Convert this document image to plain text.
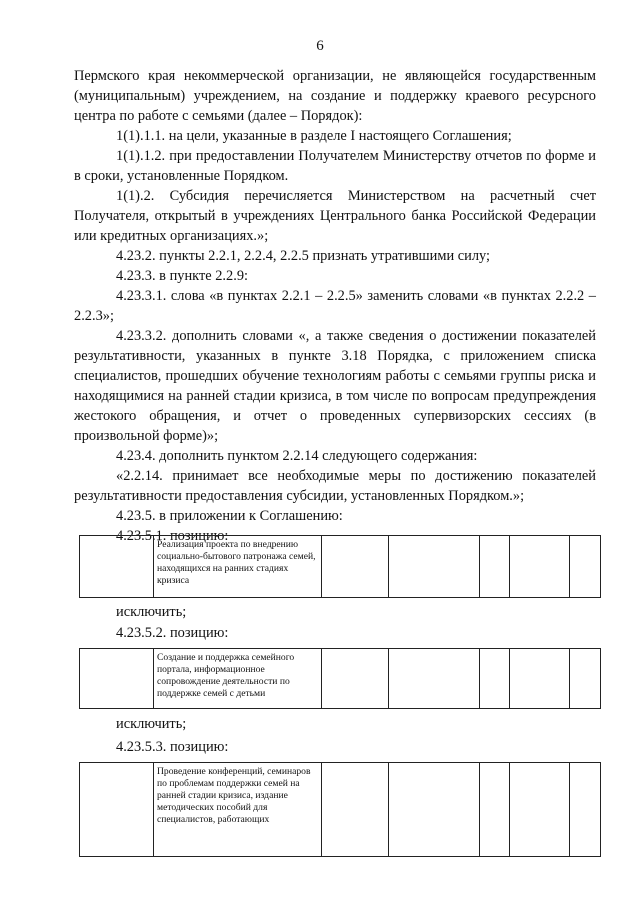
6

Пермского края некоммерческой организации, не являющейся государственным (муниципальным) учреждением, на создание и поддержку краевого ресурсного центра по работе с семьями (далее – Порядок):

1(1).1.1. на цели, указанные в разделе I настоящего Соглашения;

1(1).1.2. при предоставлении Получателем Министерству отчетов по форме и в сроки, установленные Порядком.

1(1).2. Субсидия перечисляется Министерством на расчетный счет Получателя, открытый в учреждениях Центрального банка Российской Федерации или кредитных организациях.»;

4.23.2. пункты 2.2.1, 2.2.4, 2.2.5 признать утратившими силу;

4.23.3. в пункте 2.2.9:

4.23.3.1. слова «в пунктах 2.2.1 – 2.2.5» заменить словами «в пунктах 2.2.2 – 2.2.3»;

4.23.3.2. дополнить словами «, а также сведения о достижении показателей результативности, указанных в пункте 3.18 Порядка, с приложением списка специалистов, прошедших обучение технологиям работы с семьями группы риска и находящимися на ранней стадии кризиса, в том числе по вопросам предупреждения жестокого обращения, и отчет о проведенных супервизорских сессиях (в произвольной форме)»;

4.23.4. дополнить пунктом 2.2.14 следующего содержания:

«2.2.14. принимает все необходимые меры по достижению показателей результативности предоставления субсидии, установленных Порядком.»;

4.23.5. в приложении к Соглашению:

4.23.5.1. позицию:

	Реализация проекта по внедрению социально-бытового патронажа семей, находящихся на ранних стадиях кризиса					
исключить;
4.23.5.2. позицию:
	Создание и поддержка семейного портала, информационное сопровождение деятельности по поддержке семей с детьми					
исключить;
4.23.5.3. позицию:
	Проведение конференций, семинаров по проблемам поддержки семей на ранней стадии кризиса, издание методических пособий для специалистов, работающих					
